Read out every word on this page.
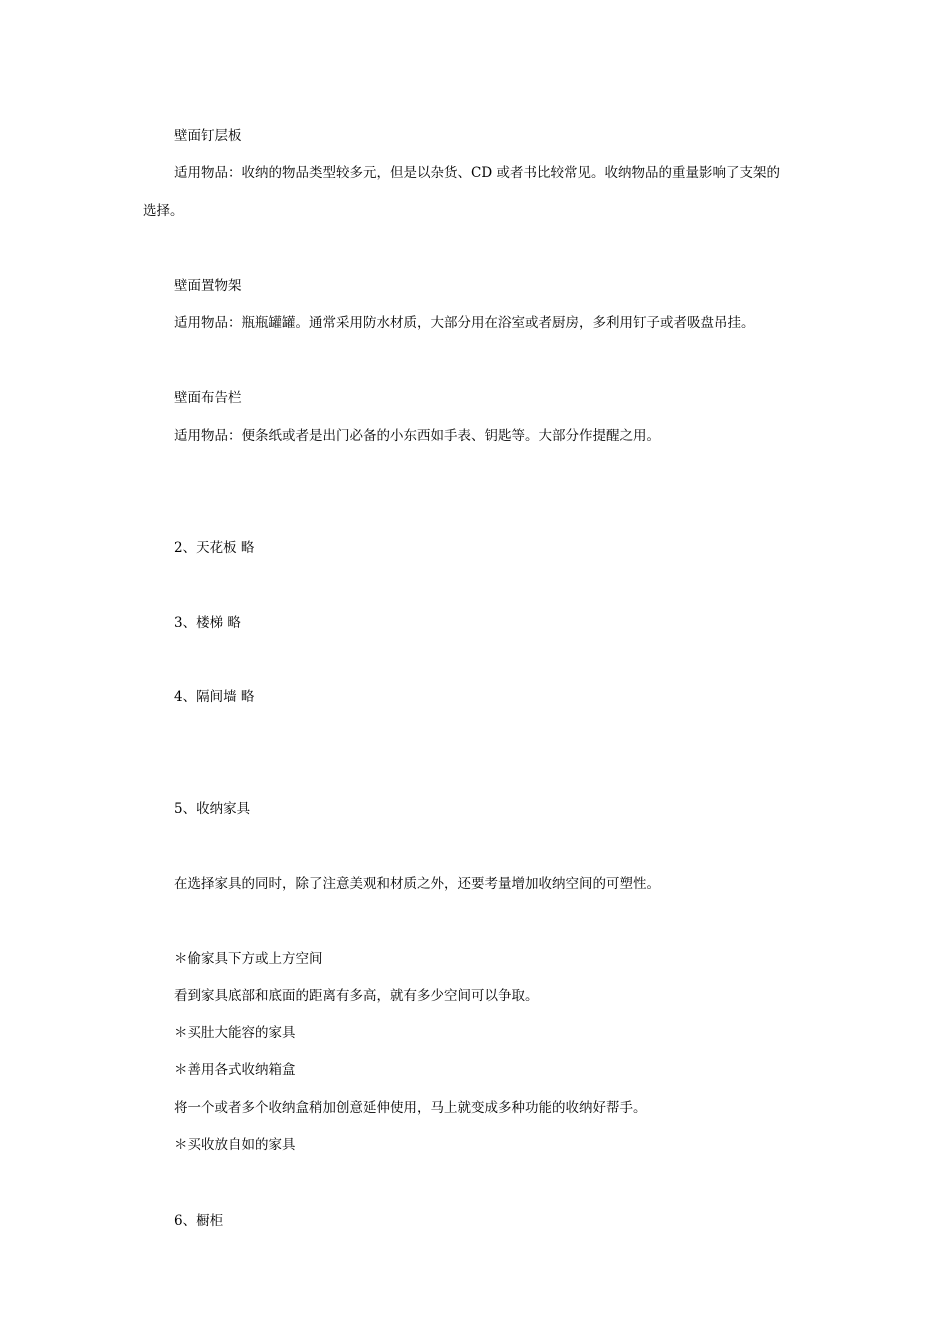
壁面钉层板
适用物品：收纳的物品类型较多元，但是以杂货、CD 或者书比较常见。收纳物品的重量影响了支架的
选择。
壁面置物架
适用物品：瓶瓶罐罐。通常采用防水材质，大部分用在浴室或者厨房，多利用钉子或者吸盘吊挂。
壁面布告栏
适用物品：便条纸或者是出门必备的小东西如手表、钥匙等。大部分作提醒之用。
2、天花板 略
3、楼梯 略
4、隔间墙 略
5、收纳家具
在选择家具的同时，除了注意美观和材质之外，还要考量增加收纳空间的可塑性。
＊偷家具下方或上方空间
看到家具底部和底面的距离有多高，就有多少空间可以争取。
＊买肚大能容的家具
＊善用各式收纳箱盒
将一个或者多个收纳盒稍加创意延伸使用，马上就变成多种功能的收纳好帮手。
＊买收放自如的家具
6、橱柜
